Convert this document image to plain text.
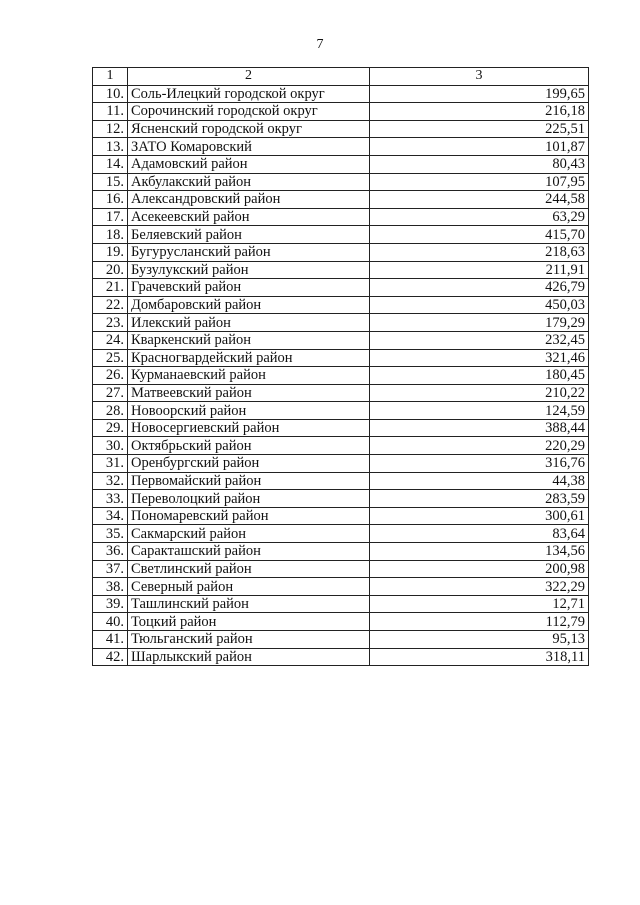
7
1	2	3
10.	Соль-Илецкий городской округ	199,65
11.	Сорочинский городской округ	216,18
12.	Ясненский городской округ	225,51
13.	ЗАТО Комаровский	101,87
14.	Адамовский район	80,43
15.	Акбулакский район	107,95
16.	Александровский район	244,58
17.	Асекеевский район	63,29
18.	Беляевский район	415,70
19.	Бугурусланский район	218,63
20.	Бузулукский район	211,91
21.	Грачевский район	426,79
22.	Домбаровский район	450,03
23.	Илекский район	179,29
24.	Кваркенский район	232,45
25.	Красногвардейский район	321,46
26.	Курманаевский район	180,45
27.	Матвеевский район	210,22
28.	Новоорский район	124,59
29.	Новосергиевский район	388,44
30.	Октябрьский район	220,29
31.	Оренбургский район	316,76
32.	Первомайский район	44,38
33.	Переволоцкий район	283,59
34.	Пономаревский район	300,61
35.	Сакмарский район	83,64
36.	Саракташский район	134,56
37.	Светлинский район	200,98
38.	Северный район	322,29
39.	Ташлинский район	12,71
40.	Тоцкий район	112,79
41.	Тюльганский район	95,13
42.	Шарлыкский район	318,11
